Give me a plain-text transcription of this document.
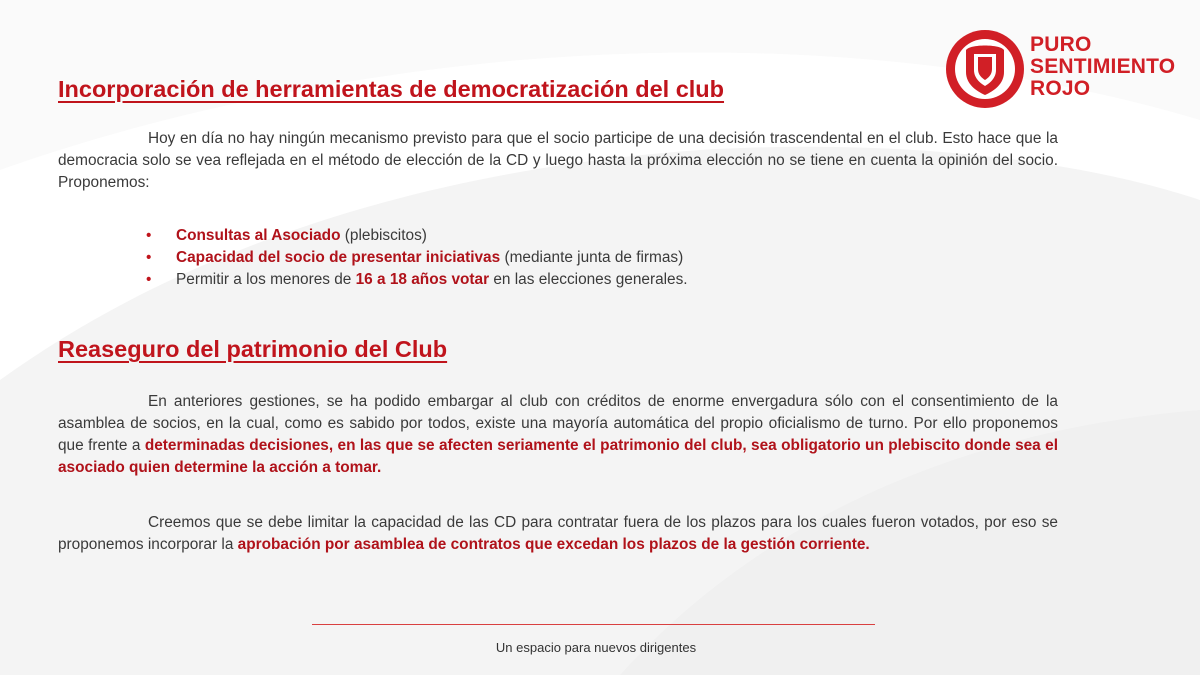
PURO
SENTIMIENTO
ROJO
Incorporación de herramientas de democratización del club

Hoy en día no hay ningún mecanismo previsto para que el socio participe de una decisión trascendental en el club. Esto hace que la democracia solo se vea reflejada en el método de elección de la CD y luego hasta la próxima elección no se tiene en cuenta la opinión del socio. Proponemos:

• Consultas al Asociado (plebiscitos)
• Capacidad del socio de presentar iniciativas (mediante junta de firmas)
• Permitir a los menores de 16 a 18 años votar en las elecciones generales.
Reaseguro del patrimonio del Club

En anteriores gestiones, se ha podido embargar al club con créditos de enorme envergadura sólo con el consentimiento de la asamblea de socios, en la cual, como es sabido por todos, existe una mayoría automática del propio oficialismo de turno. Por ello proponemos que frente a determinadas decisiones, en las que se afecten seriamente el patrimonio del club, sea obligatorio un plebiscito donde sea el asociado quien determine la acción a tomar.

Creemos que se debe limitar la capacidad de las CD para contratar fuera de los plazos para los cuales fueron votados, por eso se proponemos incorporar la aprobación por asamblea de contratos que excedan los plazos de la gestión corriente.

Un espacio para nuevos dirigentes
